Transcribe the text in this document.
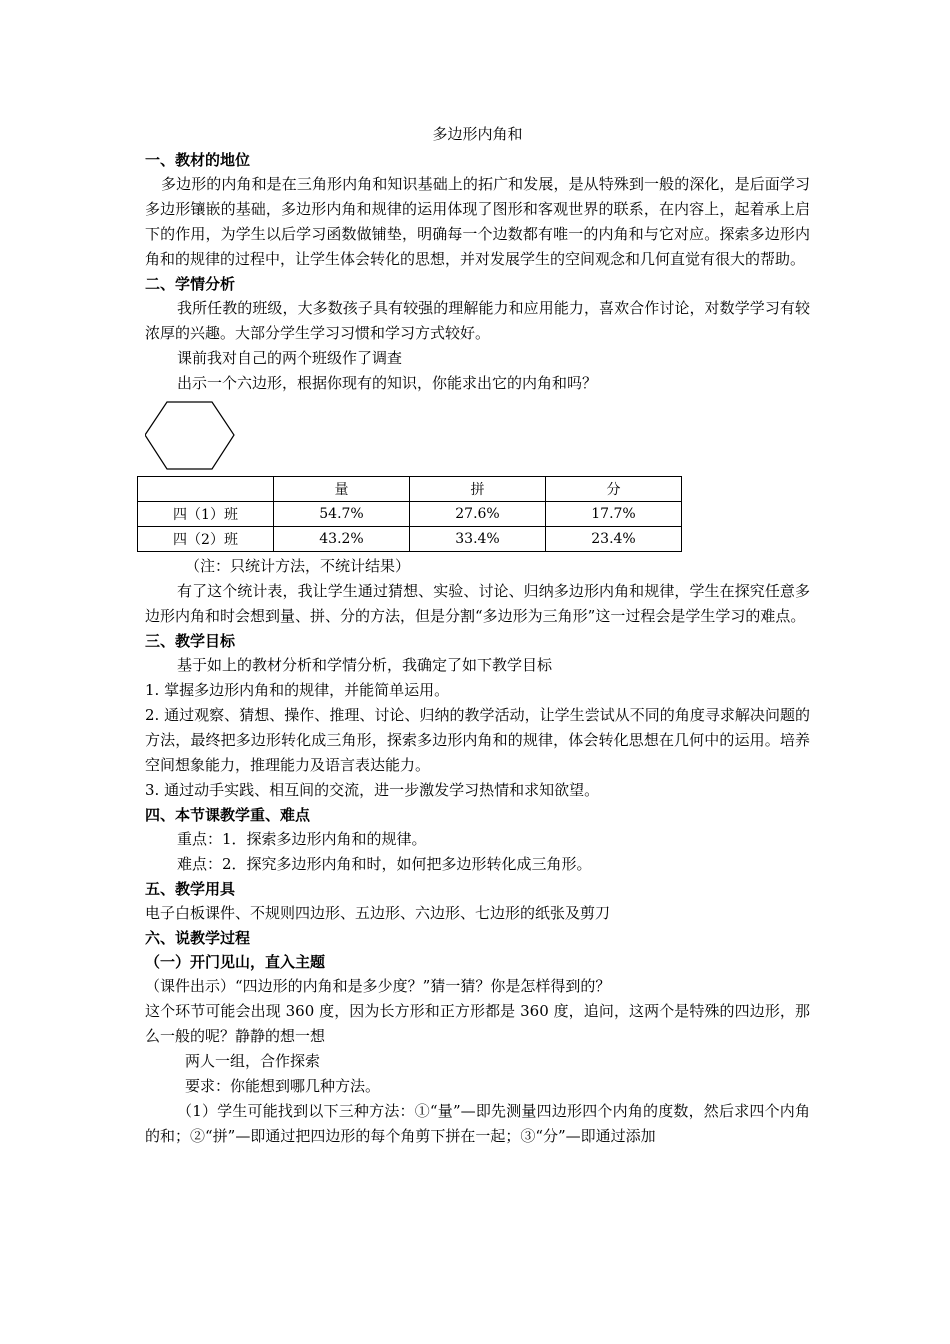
多边形内角和

一、教材的地位

多边形的内角和是在三角形内角和知识基础上的拓广和发展，是从特殊到一般的深化，是后面学习多边形镶嵌的基础，多边形内角和规律的运用体现了图形和客观世界的联系，在内容上，起着承上启下的作用，为学生以后学习函数做铺垫，明确每一个边数都有唯一的内角和与它对应。探索多边形内角和的规律的过程中，让学生体会转化的思想，并对发展学生的空间观念和几何直觉有很大的帮助。

二、学情分析

我所任教的班级，大多数孩子具有较强的理解能力和应用能力，喜欢合作讨论，对数学学习有较浓厚的兴趣。大部分学生学习习惯和学习方式较好。

课前我对自己的两个班级作了调查

出示一个六边形，根据你现有的知识，你能求出它的内角和吗？

	量	拼	分
四（1）班	54.7%	27.6%	17.7%
四（2）班	43.2%	33.4%	23.4%

（注：只统计方法，不统计结果）

有了这个统计表，我让学生通过猜想、实验、讨论、归纳多边形内角和规律，学生在探究任意多边形内角和时会想到量、拼、分的方法，但是分割“多边形为三角形”这一过程会是学生学习的难点。

三、教学目标

基于如上的教材分析和学情分析，我确定了如下教学目标

1. 掌握多边形内角和的规律，并能简单运用。

2. 通过观察、猜想、操作、推理、讨论、归纳的教学活动，让学生尝试从不同的角度寻求解决问题的方法，最终把多边形转化成三角形，探索多边形内角和的规律，体会转化思想在几何中的运用。培养空间想象能力，推理能力及语言表达能力。

3. 通过动手实践、相互间的交流，进一步激发学习热情和求知欲望。

四、本节课教学重、难点

重点：1．探索多边形内角和的规律。

难点：2．探究多边形内角和时，如何把多边形转化成三角形。

五、教学用具

电子白板课件、不规则四边形、五边形、六边形、七边形的纸张及剪刀

六、说教学过程

（一）开门见山，直入主题

（课件出示）“四边形的内角和是多少度？”猜一猜？你是怎样得到的？

这个环节可能会出现 360 度，因为长方形和正方形都是 360 度，追问，这两个是特殊的四边形，那么一般的呢？静静的想一想

两人一组，合作探索

要求：你能想到哪几种方法。

（1）学生可能找到以下三种方法：①“量”—即先测量四边形四个内角的度数，然后求四个内角的和；②“拼”—即通过把四边形的每个角剪下拼在一起；③“分”—即通过添加
